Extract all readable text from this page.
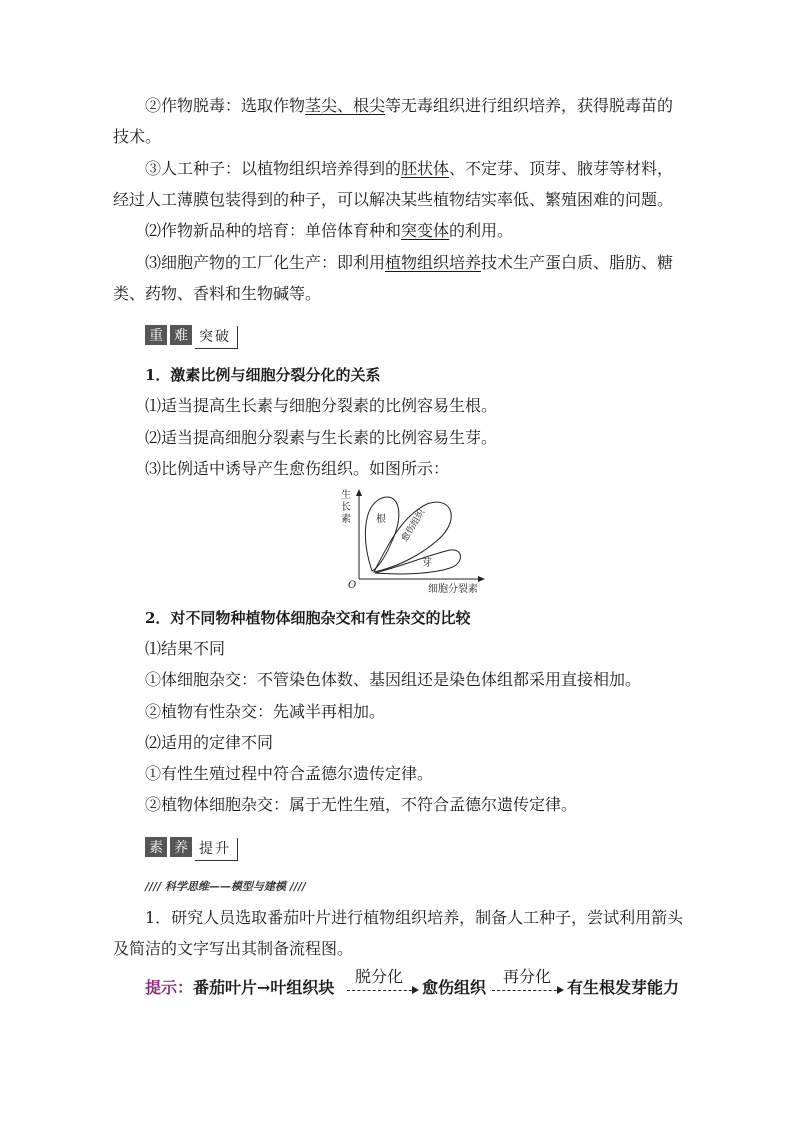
②作物脱毒：选取作物茎尖、根尖等无毒组织进行组织培养，获得脱毒苗的
技术。
③人工种子：以植物组织培养得到的胚状体、不定芽、顶芽、腋芽等材料，
经过人工薄膜包装得到的种子，可以解决某些植物结实率低、繁殖困难的问题。
⑵作物新品种的培育：单倍体育种和突变体的利用。
⑶细胞产物的工厂化生产：即利用植物组织培养技术生产蛋白质、脂肪、糖
类、药物、香料和生物碱等。
重 难 突破
1．激素比例与细胞分裂分化的关系
⑴适当提高生长素与细胞分裂素的比例容易生根。
⑵适当提高细胞分裂素与生长素的比例容易生芽。
⑶比例适中诱导产生愈伤组织。如图所示：
生
长
素
O	细胞分裂素
根 愈伤组织
芽
2．对不同物种植物体细胞杂交和有性杂交的比较
⑴结果不同
①体细胞杂交：不管染色体数、基因组还是染色体组都采用直接相加。
②植物有性杂交：先减半再相加。
⑵适用的定律不同
①有性生殖过程中符合孟德尔遗传定律。
②植物体细胞杂交：属于无性生殖，不符合孟德尔遗传定律。
素 养 提升
//// 科学思维——模型与建模 ////
1．研究人员选取番茄叶片进行植物组织培养，制备人工种子，尝试利用箭头
及简洁的文字写出其制备流程图。
提示：番茄叶片→叶组织块
脱分化
愈伤组织
再分化
有生根发芽能力
